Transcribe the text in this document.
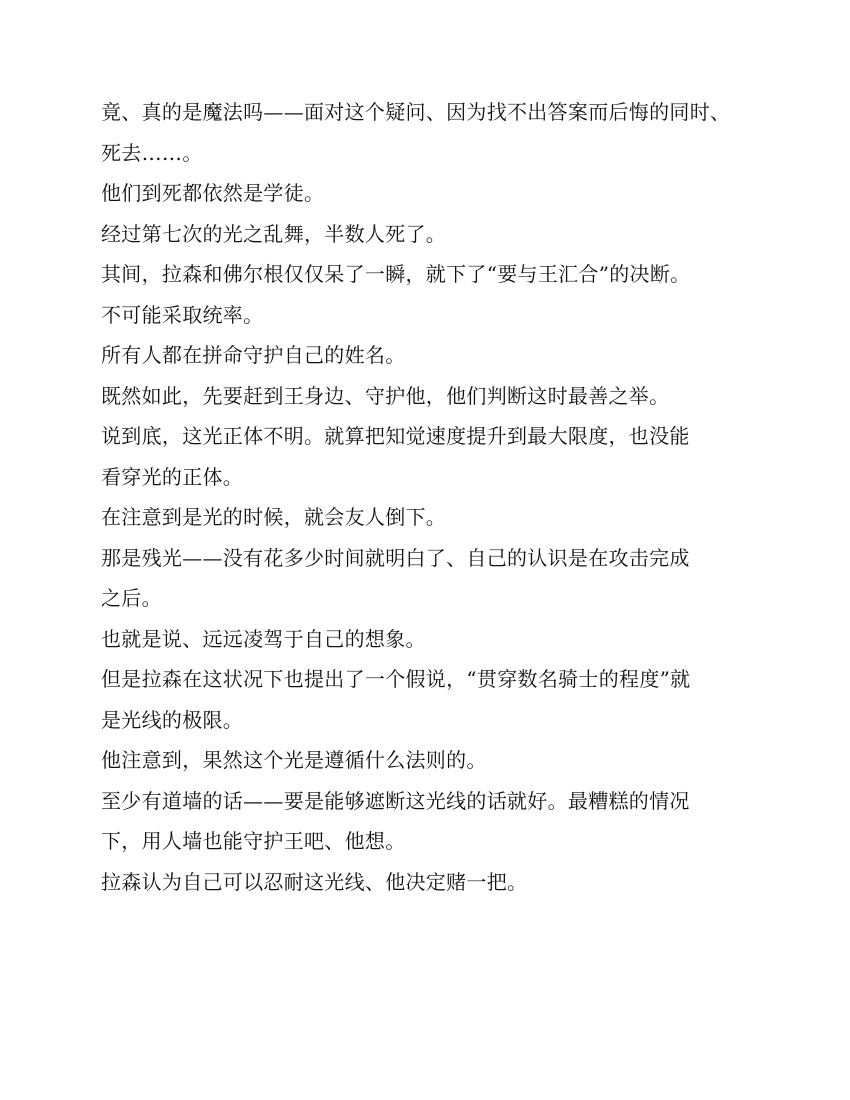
竟、真的是魔法吗——面对这个疑问、因为找不出答案而后悔的同时、
死去……。
他们到死都依然是学徒。
经过第七次的光之乱舞，半数人死了。
其间，拉森和佛尔根仅仅呆了一瞬，就下了“要与王汇合”的决断。
不可能采取统率。
所有人都在拼命守护自己的姓名。
既然如此，先要赶到王身边、守护他，他们判断这时最善之举。
说到底，这光正体不明。就算把知觉速度提升到最大限度，也没能
看穿光的正体。
在注意到是光的时候，就会友人倒下。
那是残光——没有花多少时间就明白了、自己的认识是在攻击完成
之后。
也就是说、远远凌驾于自己的想象。
但是拉森在这状况下也提出了一个假说，“贯穿数名骑士的程度”就
是光线的极限。
他注意到，果然这个光是遵循什么法则的。
至少有道墙的话——要是能够遮断这光线的话就好。最糟糕的情况
下，用人墙也能守护王吧、他想。
拉森认为自己可以忍耐这光线、他决定赌一把。
